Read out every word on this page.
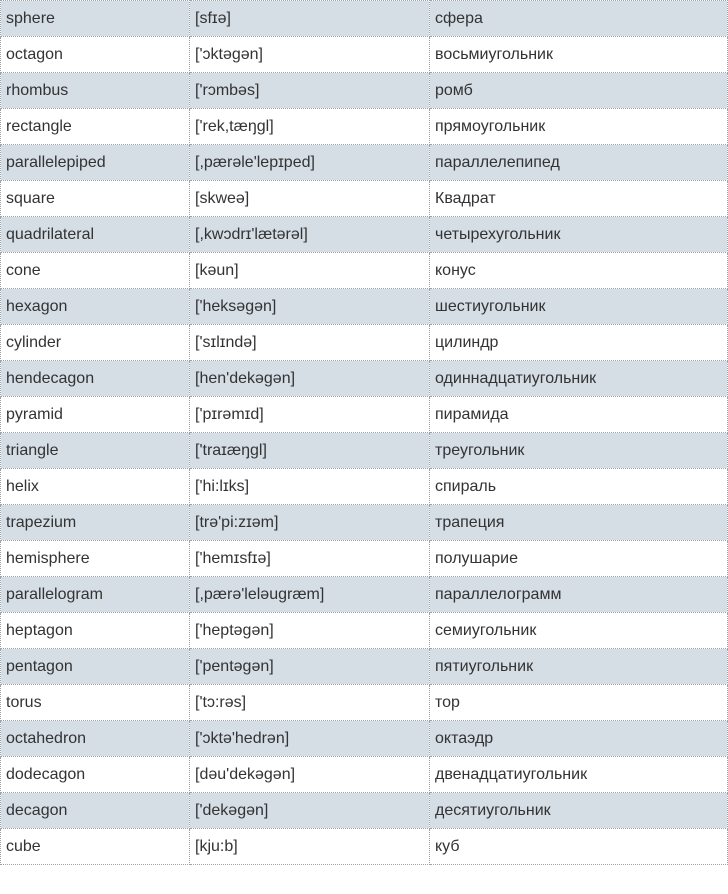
sphere	[sfɪə]	сфера
octagon	['ɔktəgən]	восьмиугольник
rhombus	['rɔmbəs]	ромб
rectangle	['rek,tæŋgl]	прямоугольник
parallelepiped	[,pærəle'lepɪped]	параллелепипед
square	[skweə]	Квадрат
quadrilateral	[,kwɔdrɪ'lætərəl]	четырехугольник
cone	[kəun]	конус
hexagon	['heksəgən]	шестиугольник
cylinder	['sɪlɪndə]	цилиндр
hendecagon	[hen'dekəgən]	одиннадцатиугольник
pyramid	['pɪrəmɪd]	пирамида
triangle	['traɪæŋgl]	треугольник
helix	['hi:lɪks]	спираль
trapezium	[trə'pi:zɪəm]	трапеция
hemisphere	['hemɪsfɪə]	полушарие
parallelogram	[,pærə'leləugræm]	параллелограмм
heptagon	['heptəgən]	семиугольник
pentagon	['pentəgən]	пятиугольник
torus	['tɔ:rəs]	тор
octahedron	['ɔktə'hedrən]	октаэдр
dodecagon	[dəu'dekəgən]	двенадцатиугольник
decagon	['dekəgən]	десятиугольник
cube	[kju:b]	куб
